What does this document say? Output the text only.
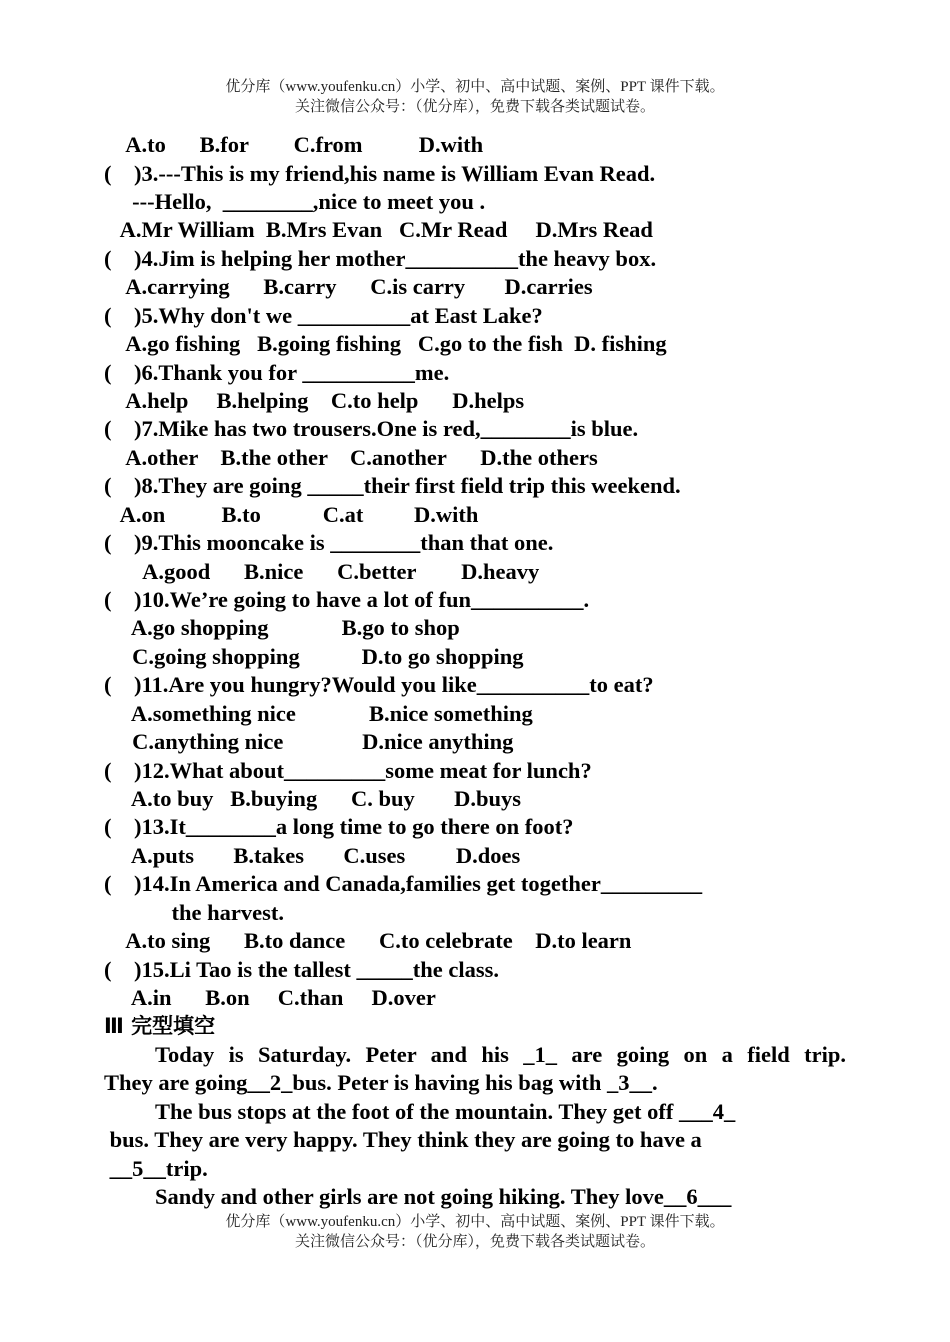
优分库（www.youfenku.cn）小学、初中、高中试题、案例、PPT 课件下载。
关注微信公众号：（优分库），免费下载各类试题试卷。
A.to      B.for        C.from          D.with
(    )3.---This is my friend,his name is William Evan Read.
---Hello,  ________,nice to meet you .
A.Mr William  B.Mrs Evan   C.Mr Read     D.Mrs Read
(    )4.Jim is helping her mother__________the heavy box.
A.carrying      B.carry      C.is carry       D.carries
(    )5.Why don't we __________at East Lake?
A.go fishing   B.going fishing   C.go to the fish  D. fishing
(    )6.Thank you for __________me.
A.help     B.helping    C.to help      D.helps
(    )7.Mike has two trousers.One is red,________is blue.
A.other    B.the other    C.another      D.the others
(    )8.They are going _____their first field trip this weekend.
A.on          B.to           C.at         D.with
(    )9.This mooncake is ________than that one.
A.good      B.nice      C.better        D.heavy
(    )10.We’re going to have a lot of fun__________.
A.go shopping             B.go to shop
C.going shopping           D.to go shopping
(    )11.Are you hungry?Would you like__________to eat?
A.something nice             B.nice something
C.anything nice              D.nice anything
(    )12.What about_________some meat for lunch?
A.to buy   B.buying      C. buy       D.buys
(    )13.It________a long time to go there on foot?
A.puts       B.takes       C.uses         D.does
(    )14.In America and Canada,families get together_________
the harvest.
A.to sing      B.to dance      C.to celebrate    D.to learn
(    )15.Li Tao is the tallest _____the class.
A.in      B.on     C.than     D.over
Ⅲ 完型填空
Today is Saturday. Peter and his _1_ are going on a field trip.
They are going__2_bus. Peter is having his bag with _3__.
The bus stops at the foot of the mountain. They get off ___4_
bus. They are very happy. They think they are going to have a
__5__trip.
Sandy and other girls are not going hiking. They love__6___
优分库（www.youfenku.cn）小学、初中、高中试题、案例、PPT 课件下载。
关注微信公众号：（优分库），免费下载各类试题试卷。
